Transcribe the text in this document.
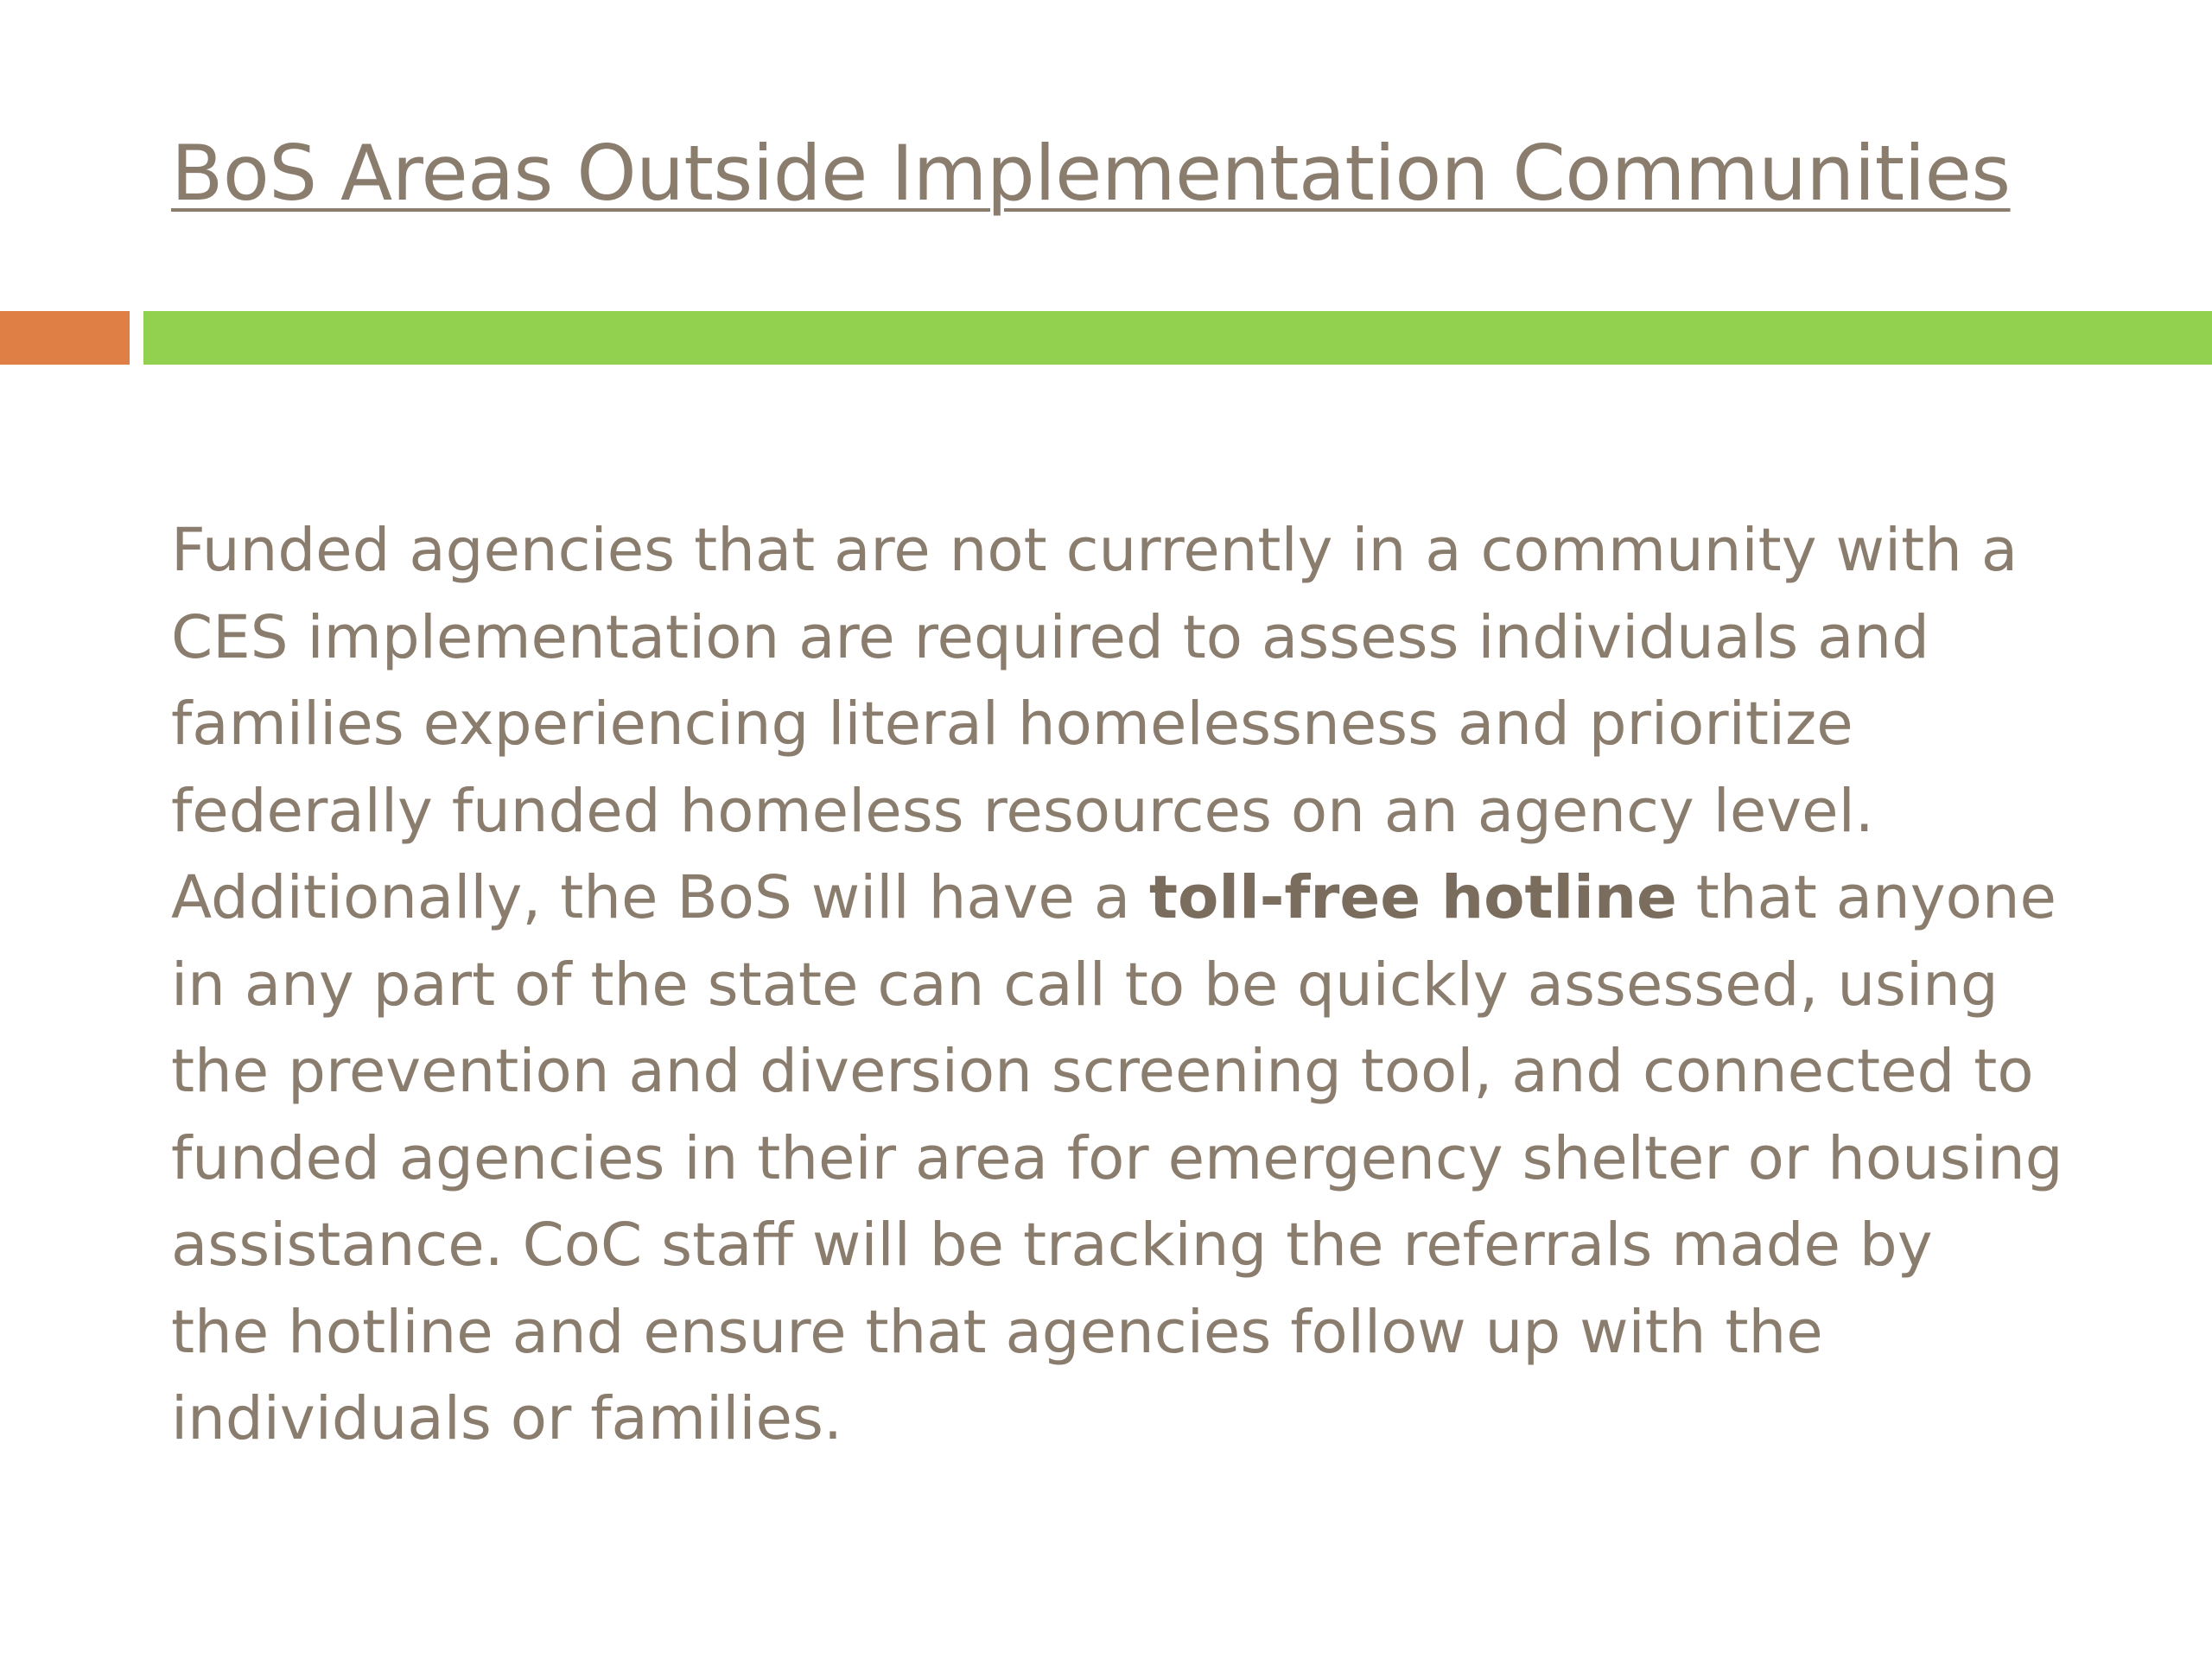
BoS Areas Outside Implementation Communities

Funded agencies that are not currently in a community with a
CES implementation are required to assess individuals and
families experiencing literal homelessness and prioritize
federally funded homeless resources on an agency level.
Additionally, the BoS will have a toll-free hotline that anyone
in any part of the state can call to be quickly assessed, using
the prevention and diversion screening tool, and connected to
funded agencies in their area for emergency shelter or housing
assistance. CoC staff will be tracking the referrals made by
the hotline and ensure that agencies follow up with the
individuals or families.
